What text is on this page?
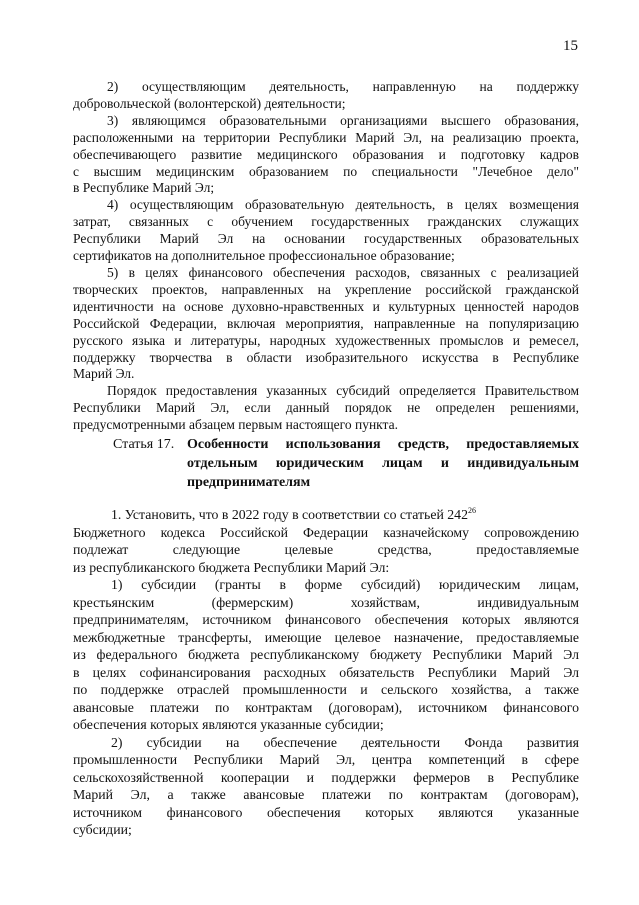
15
2) осуществляющим деятельность, направленную на поддержку
добровольческой (волонтерской) деятельности;
3) являющимся образовательными организациями высшего образования,
расположенными на территории Республики Марий Эл, на реализацию проекта,
обеспечивающего развитие медицинского образования и подготовку кадров
с высшим медицинским образованием по специальности "Лечебное дело"
в Республике Марий Эл;
4) осуществляющим образовательную деятельность, в целях возмещения
затрат, связанных с обучением государственных гражданских служащих
Республики Марий Эл на основании государственных образовательных
сертификатов на дополнительное профессиональное образование;
5) в целях финансового обеспечения расходов, связанных с реализацией
творческих проектов, направленных на укрепление российской гражданской
идентичности на основе духовно-нравственных и культурных ценностей народов
Российской Федерации, включая мероприятия, направленные на популяризацию
русского языка и литературы, народных художественных промыслов и ремесел,
поддержку творчества в области изобразительного искусства в Республике
Марий Эл.
Порядок предоставления указанных субсидий определяется Правительством
Республики Марий Эл, если данный порядок не определен решениями,
предусмотренными абзацем первым настоящего пункта.
Статья 17. Особенности использования средств, предоставляемых
отдельным юридическим лицам и индивидуальным
предпринимателям
1. Установить, что в 2022 году в соответствии со статьей $242^{26}$
Бюджетного кодекса Российской Федерации казначейскому сопровождению
подлежат следующие целевые средства, предоставляемые
из республиканского бюджета Республики Марий Эл:
1) субсидии (гранты в форме субсидий) юридическим лицам,
крестьянским (фермерским) хозяйствам, индивидуальным
предпринимателям, источником финансового обеспечения которых являются
межбюджетные трансферты, имеющие целевое назначение, предоставляемые
из федерального бюджета республиканскому бюджету Республики Марий Эл
в целях софинансирования расходных обязательств Республики Марий Эл
по поддержке отраслей промышленности и сельского хозяйства, а также
авансовые платежи по контрактам (договорам), источником финансового
обеспечения которых являются указанные субсидии;
2) субсидии на обеспечение деятельности Фонда развития
промышленности Республики Марий Эл, центра компетенций в сфере
сельскохозяйственной кооперации и поддержки фермеров в Республике
Марий Эл, а также авансовые платежи по контрактам (договорам),
источником финансового обеспечения которых являются указанные
субсидии;
